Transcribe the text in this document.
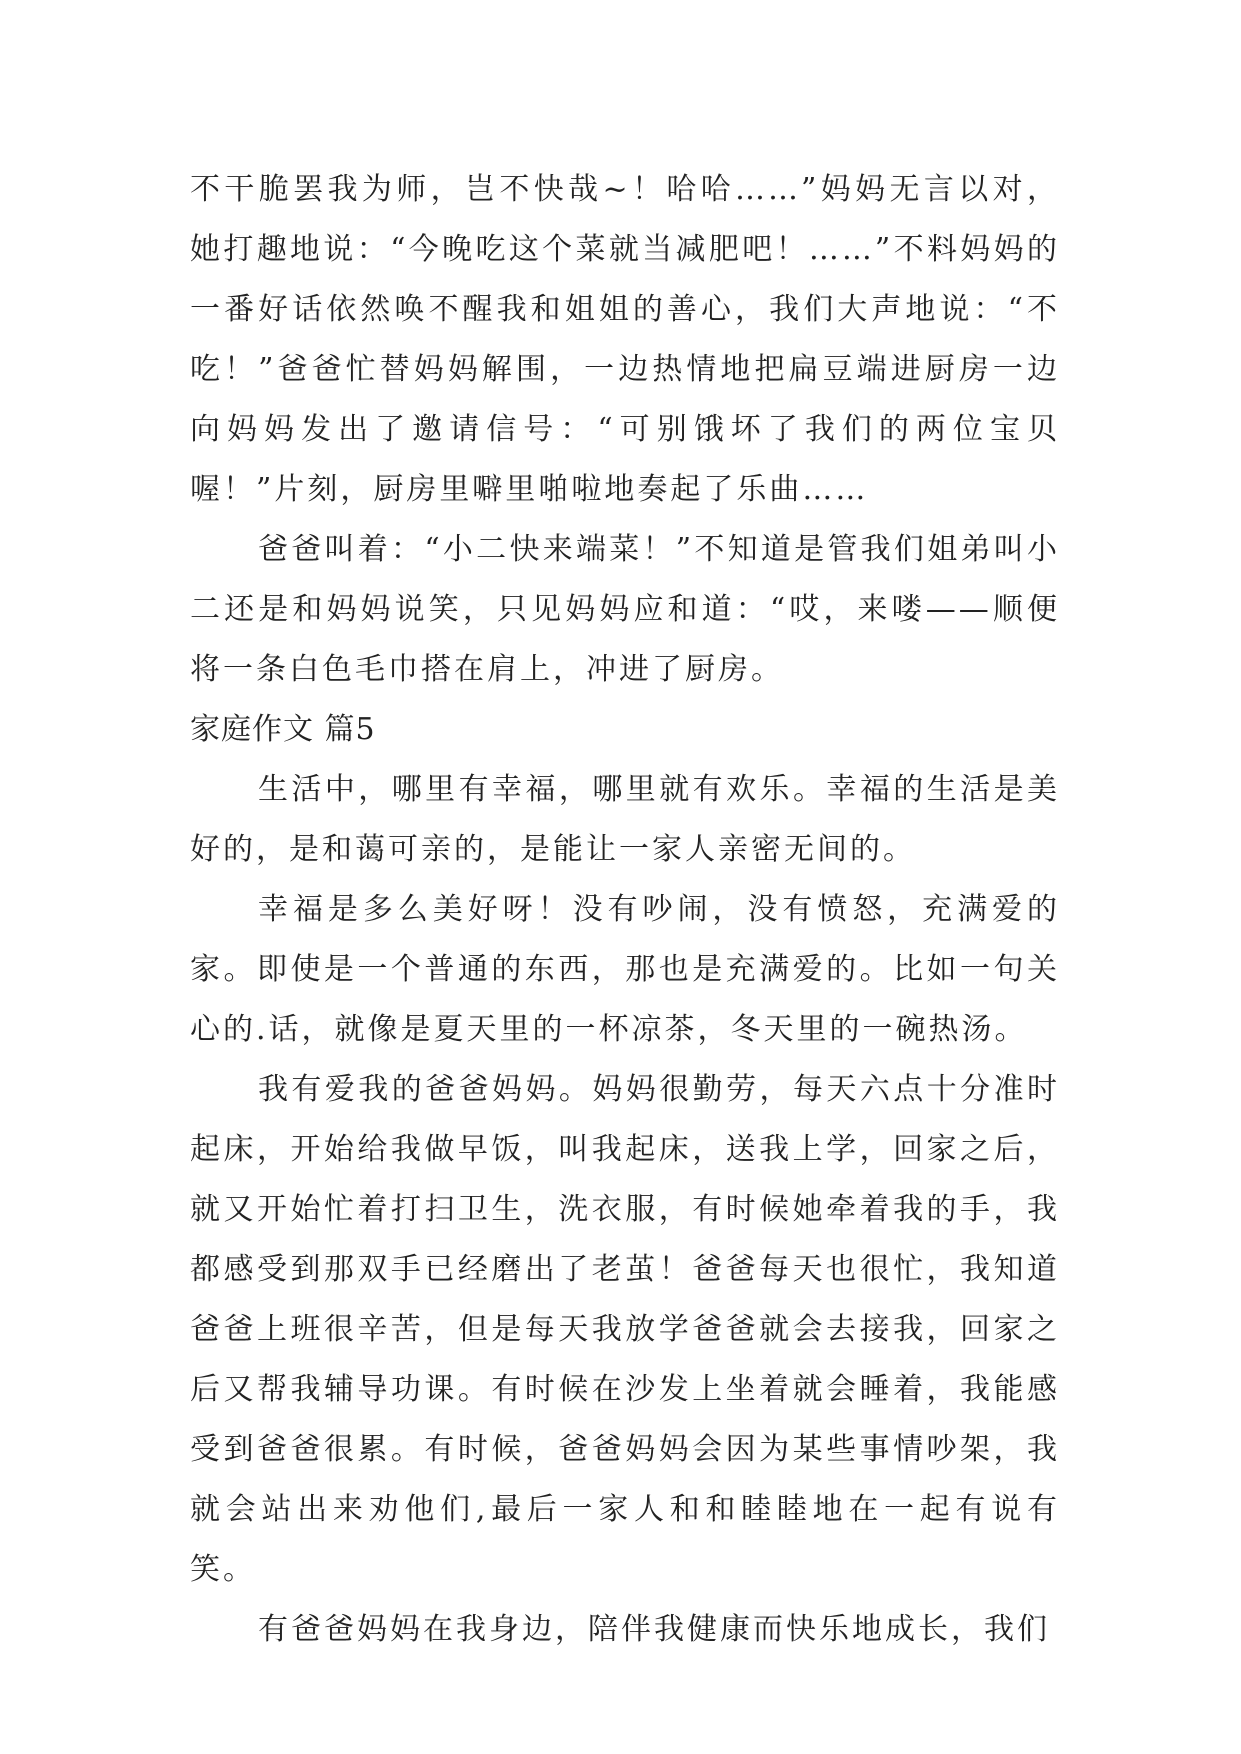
不干脆罢我为师，岂不快哉~！哈哈……”妈妈无言以对，她打趣地说：“今晚吃这个菜就当减肥吧！……”不料妈妈的一番好话依然唤不醒我和姐姐的善心，我们大声地说：“不吃！”爸爸忙替妈妈解围，一边热情地把扁豆端进厨房一边向妈妈发出了邀请信号：“可别饿坏了我们的两位宝贝喔！”片刻，厨房里噼里啪啦地奏起了乐曲……

爸爸叫着：“小二快来端菜！”不知道是管我们姐弟叫小二还是和妈妈说笑，只见妈妈应和道：“哎，来喽——顺便将一条白色毛巾搭在肩上，冲进了厨房。

家庭作文 篇5

生活中，哪里有幸福，哪里就有欢乐。幸福的生活是美好的，是和蔼可亲的，是能让一家人亲密无间的。

幸福是多么美好呀！没有吵闹，没有愤怒，充满爱的家。即使是一个普通的东西，那也是充满爱的。比如一句关心的.话，就像是夏天里的一杯凉茶，冬天里的一碗热汤。

我有爱我的爸爸妈妈。妈妈很勤劳，每天六点十分准时起床，开始给我做早饭，叫我起床，送我上学，回家之后，就又开始忙着打扫卫生，洗衣服，有时候她牵着我的手，我都感受到那双手已经磨出了老茧！爸爸每天也很忙，我知道爸爸上班很辛苦，但是每天我放学爸爸就会去接我，回家之后又帮我辅导功课。有时候在沙发上坐着就会睡着，我能感受到爸爸很累。有时候，爸爸妈妈会因为某些事情吵架，我就会站出来劝他们,最后一家人和和睦睦地在一起有说有笑。

有爸爸妈妈在我身边，陪伴我健康而快乐地成长，我们
